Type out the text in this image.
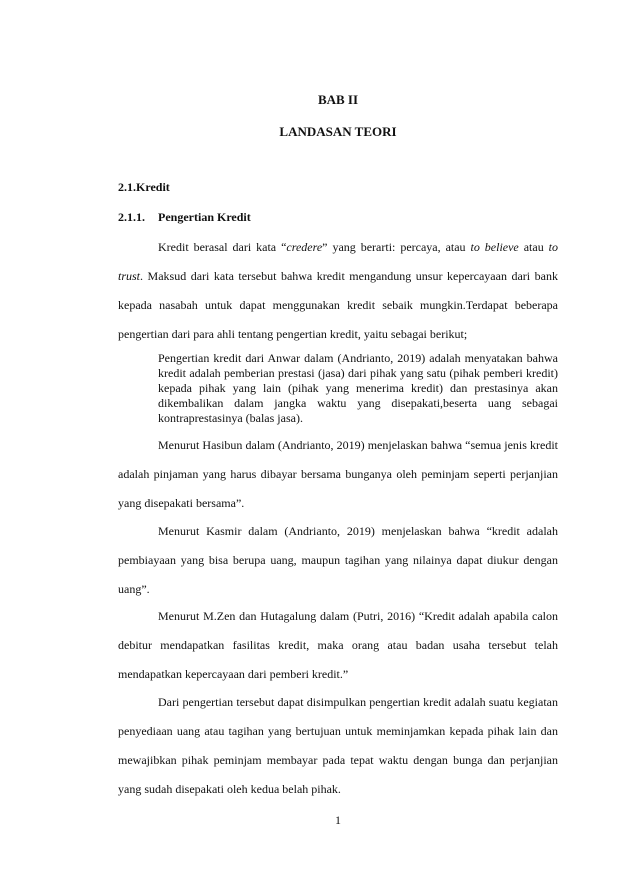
BAB II
LANDASAN TEORI
2.1.Kredit
2.1.1. Pengertian Kredit

Kredit berasal dari kata “credere” yang berarti: percaya, atau to believe atau to trust. Maksud dari kata tersebut bahwa kredit mengandung unsur kepercayaan dari bank kepada nasabah untuk dapat menggunakan kredit sebaik mungkin.Terdapat beberapa pengertian dari para ahli tentang pengertian kredit, yaitu sebagai berikut;

Pengertian kredit dari Anwar dalam (Andrianto, 2019) adalah menyatakan bahwa kredit adalah pemberian prestasi (jasa) dari pihak yang satu (pihak pemberi kredit) kepada pihak yang lain (pihak yang menerima kredit) dan prestasinya akan dikembalikan dalam jangka waktu yang disepakati,beserta uang sebagai kontraprestasinya (balas jasa).

Menurut Hasibun dalam (Andrianto, 2019) menjelaskan bahwa “semua jenis kredit adalah pinjaman yang harus dibayar bersama bunganya oleh peminjam seperti perjanjian yang disepakati bersama”.

Menurut Kasmir dalam (Andrianto, 2019) menjelaskan bahwa “kredit adalah pembiayaan yang bisa berupa uang, maupun tagihan yang nilainya dapat diukur dengan uang”.

Menurut M.Zen dan Hutagalung dalam (Putri, 2016) “Kredit adalah apabila calon debitur mendapatkan fasilitas kredit, maka orang atau badan usaha tersebut telah mendapatkan kepercayaan dari pemberi kredit.”

Dari pengertian tersebut dapat disimpulkan pengertian kredit adalah suatu kegiatan penyediaan uang atau tagihan yang bertujuan untuk meminjamkan kepada pihak lain dan mewajibkan pihak peminjam membayar pada tepat waktu dengan bunga dan perjanjian yang sudah disepakati oleh kedua belah pihak.

1
